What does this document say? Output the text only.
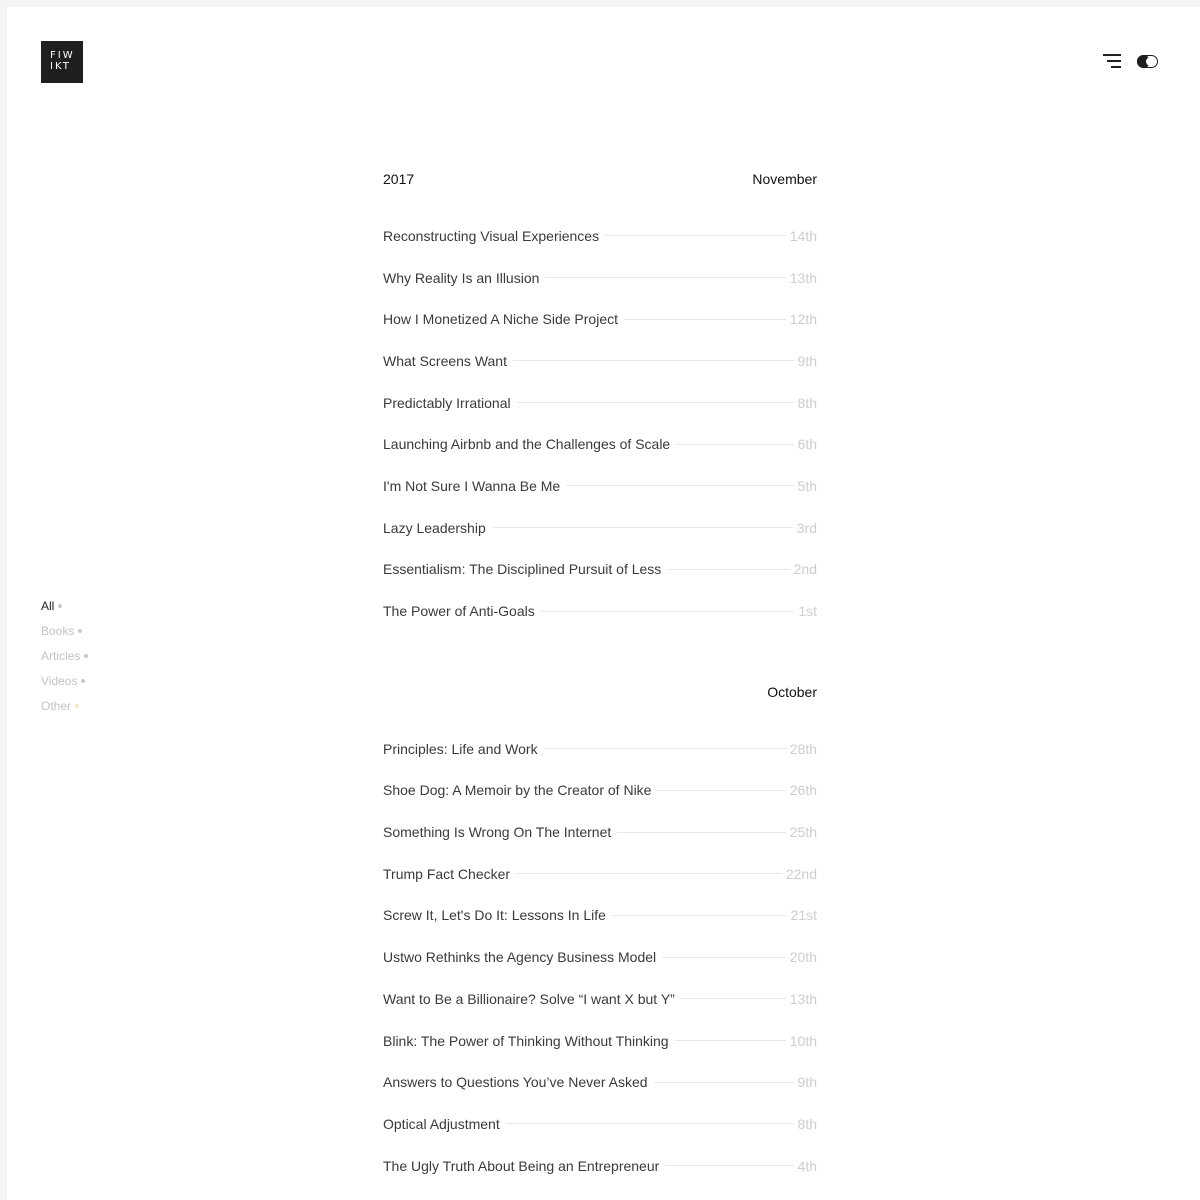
FIW
IKT
All
Books
Articles
Videos
Other
2017	November
Reconstructing Visual Experiences	14th
Why Reality Is an Illusion	13th
How I Monetized A Niche Side Project	12th
What Screens Want	9th
Predictably Irrational	8th
Launching Airbnb and the Challenges of Scale	6th
I'm Not Sure I Wanna Be Me	5th
Lazy Leadership	3rd
Essentialism: The Disciplined Pursuit of Less	2nd
The Power of Anti-Goals	1st
October
Principles: Life and Work	28th
Shoe Dog: A Memoir by the Creator of Nike	26th
Something Is Wrong On The Internet	25th
Trump Fact Checker	22nd
Screw It, Let's Do It: Lessons In Life	21st
Ustwo Rethinks the Agency Business Model	20th
Want to Be a Billionaire? Solve “I want X but Y”	13th
Blink: The Power of Thinking Without Thinking	10th
Answers to Questions You’ve Never Asked	9th
Optical Adjustment	8th
The Ugly Truth About Being an Entrepreneur	4th
